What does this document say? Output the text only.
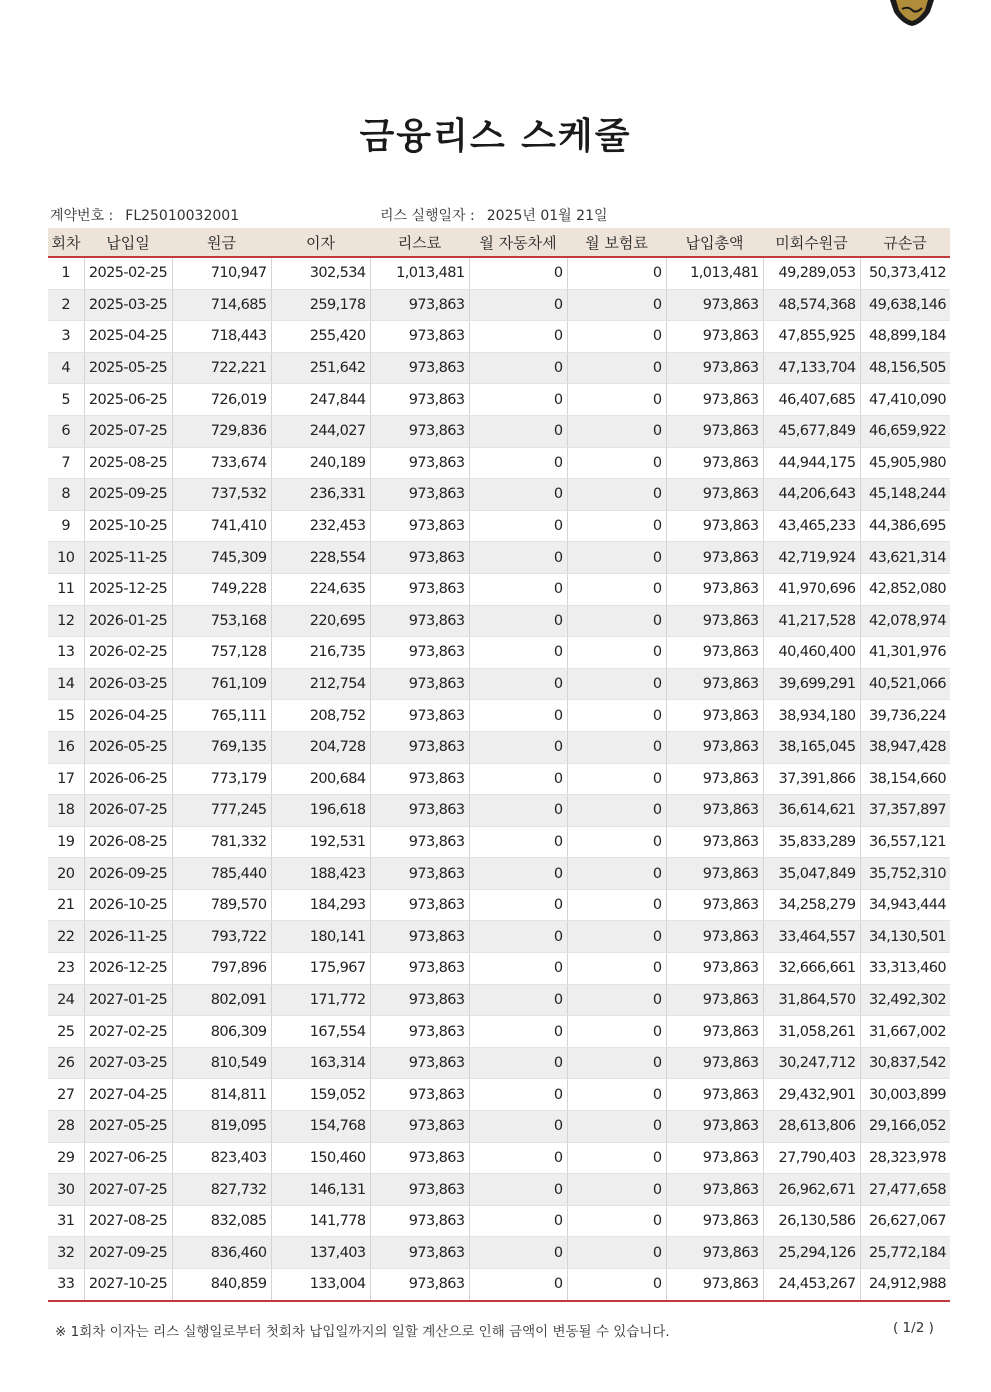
금융리스 스케줄
계약번호 : FL25010032001	리스 실행일자 : 2025년 01월 21일
회차	납입일	원금	이자	리스료	월 자동차세	월 보험료	납입총액	미회수원금	규손금
1	2025-02-25	710,947	302,534	1,013,481	0	0	1,013,481	49,289,053	50,373,412
2	2025-03-25	714,685	259,178	973,863	0	0	973,863	48,574,368	49,638,146
3	2025-04-25	718,443	255,420	973,863	0	0	973,863	47,855,925	48,899,184
4	2025-05-25	722,221	251,642	973,863	0	0	973,863	47,133,704	48,156,505
5	2025-06-25	726,019	247,844	973,863	0	0	973,863	46,407,685	47,410,090
6	2025-07-25	729,836	244,027	973,863	0	0	973,863	45,677,849	46,659,922
7	2025-08-25	733,674	240,189	973,863	0	0	973,863	44,944,175	45,905,980
8	2025-09-25	737,532	236,331	973,863	0	0	973,863	44,206,643	45,148,244
9	2025-10-25	741,410	232,453	973,863	0	0	973,863	43,465,233	44,386,695
10	2025-11-25	745,309	228,554	973,863	0	0	973,863	42,719,924	43,621,314
11	2025-12-25	749,228	224,635	973,863	0	0	973,863	41,970,696	42,852,080
12	2026-01-25	753,168	220,695	973,863	0	0	973,863	41,217,528	42,078,974
13	2026-02-25	757,128	216,735	973,863	0	0	973,863	40,460,400	41,301,976
14	2026-03-25	761,109	212,754	973,863	0	0	973,863	39,699,291	40,521,066
15	2026-04-25	765,111	208,752	973,863	0	0	973,863	38,934,180	39,736,224
16	2026-05-25	769,135	204,728	973,863	0	0	973,863	38,165,045	38,947,428
17	2026-06-25	773,179	200,684	973,863	0	0	973,863	37,391,866	38,154,660
18	2026-07-25	777,245	196,618	973,863	0	0	973,863	36,614,621	37,357,897
19	2026-08-25	781,332	192,531	973,863	0	0	973,863	35,833,289	36,557,121
20	2026-09-25	785,440	188,423	973,863	0	0	973,863	35,047,849	35,752,310
21	2026-10-25	789,570	184,293	973,863	0	0	973,863	34,258,279	34,943,444
22	2026-11-25	793,722	180,141	973,863	0	0	973,863	33,464,557	34,130,501
23	2026-12-25	797,896	175,967	973,863	0	0	973,863	32,666,661	33,313,460
24	2027-01-25	802,091	171,772	973,863	0	0	973,863	31,864,570	32,492,302
25	2027-02-25	806,309	167,554	973,863	0	0	973,863	31,058,261	31,667,002
26	2027-03-25	810,549	163,314	973,863	0	0	973,863	30,247,712	30,837,542
27	2027-04-25	814,811	159,052	973,863	0	0	973,863	29,432,901	30,003,899
28	2027-05-25	819,095	154,768	973,863	0	0	973,863	28,613,806	29,166,052
29	2027-06-25	823,403	150,460	973,863	0	0	973,863	27,790,403	28,323,978
30	2027-07-25	827,732	146,131	973,863	0	0	973,863	26,962,671	27,477,658
31	2027-08-25	832,085	141,778	973,863	0	0	973,863	26,130,586	26,627,067
32	2027-09-25	836,460	137,403	973,863	0	0	973,863	25,294,126	25,772,184
33	2027-10-25	840,859	133,004	973,863	0	0	973,863	24,453,267	24,912,988
※ 1회차 이자는 리스 실행일로부터 첫회차 납입일까지의 일할 계산으로 인해 금액이 변동될 수 있습니다.	( 1/2 )
